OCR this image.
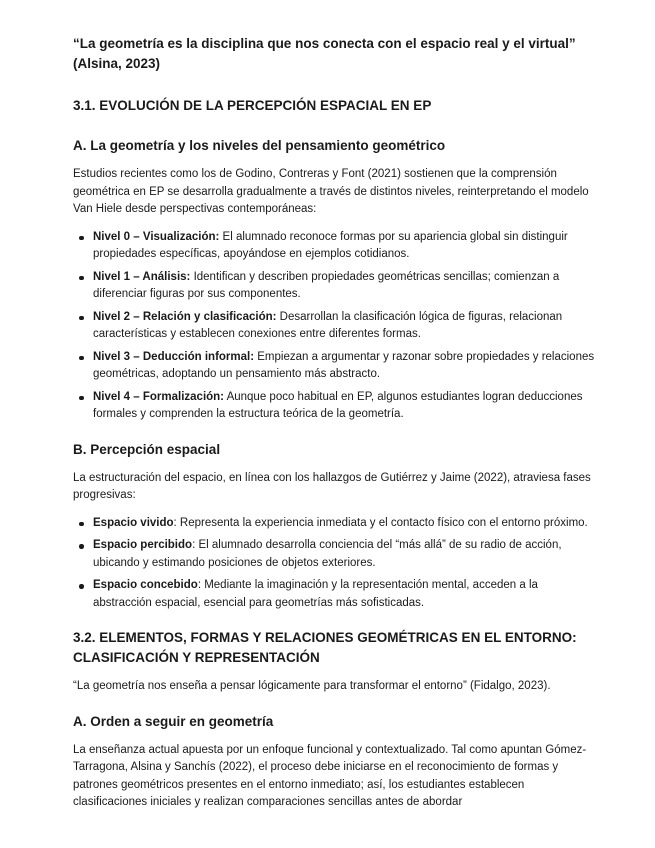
“La geometría es la disciplina que nos conecta con el espacio real y el virtual” (Alsina, 2023)

3.1. EVOLUCIÓN DE LA PERCEPCIÓN ESPACIAL EN EP
A. La geometría y los niveles del pensamiento geométrico

Estudios recientes como los de Godino, Contreras y Font (2021) sostienen que la comprensión geométrica en EP se desarrolla gradualmente a través de distintos niveles, reinterpretando el modelo Van Hiele desde perspectivas contemporáneas:

Nivel 0 – Visualización: El alumnado reconoce formas por su apariencia global sin distinguir propiedades específicas, apoyándose en ejemplos cotidianos.
Nivel 1 – Análisis: Identifican y describen propiedades geométricas sencillas; comienzan a diferenciar figuras por sus componentes.
Nivel 2 – Relación y clasificación: Desarrollan la clasificación lógica de figuras, relacionan características y establecen conexiones entre diferentes formas.
Nivel 3 – Deducción informal: Empiezan a argumentar y razonar sobre propiedades y relaciones geométricas, adoptando un pensamiento más abstracto.
Nivel 4 – Formalización: Aunque poco habitual en EP, algunos estudiantes logran deducciones formales y comprenden la estructura teórica de la geometría.
B. Percepción espacial

La estructuración del espacio, en línea con los hallazgos de Gutiérrez y Jaime (2022), atraviesa fases progresivas:

Espacio vivido: Representa la experiencia inmediata y el contacto físico con el entorno próximo.
Espacio percibido: El alumnado desarrolla conciencia del “más allá” de su radio de acción, ubicando y estimando posiciones de objetos exteriores.
Espacio concebido: Mediante la imaginación y la representación mental, acceden a la abstracción espacial, esencial para geometrías más sofisticadas.
3.2. ELEMENTOS, FORMAS Y RELACIONES GEOMÉTRICAS EN EL ENTORNO: CLASIFICACIÓN Y REPRESENTACIÓN

“La geometría nos enseña a pensar lógicamente para transformar el entorno” (Fidalgo, 2023).

A. Orden a seguir en geometría

La enseñanza actual apuesta por un enfoque funcional y contextualizado. Tal como apuntan Gómez-Tarragona, Alsina y Sanchís (2022), el proceso debe iniciarse en el reconocimiento de formas y patrones geométricos presentes en el entorno inmediato; así, los estudiantes establecen clasificaciones iniciales y realizan comparaciones sencillas antes de abordar
